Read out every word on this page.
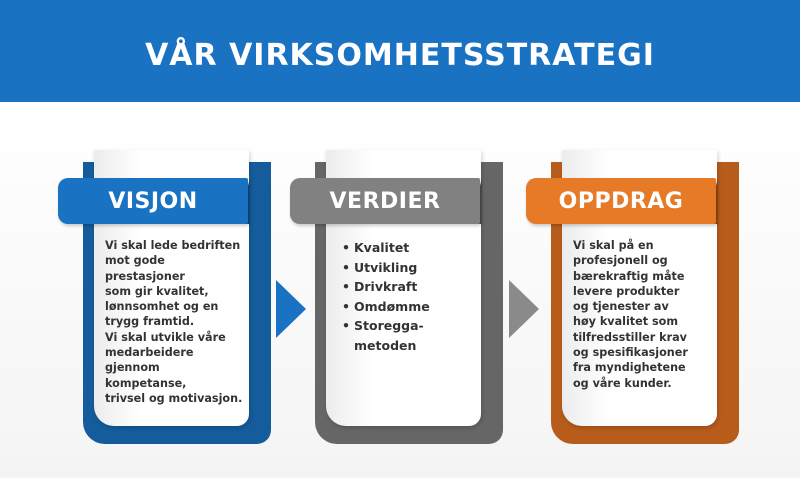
VÅR VIRKSOMHETSSTRATEGI
VISJON
Vi skal lede bedriften
mot gode prestasjoner
som gir kvalitet,
lønnsomhet og en
trygg framtid.
Vi skal utvikle våre
medarbeidere
gjennom kompetanse,
trivsel og motivasjon.
VERDIER
• Kvalitet
• Utvikling
• Drivkraft
• Omdømme
• Storegga-
metoden
OPPDRAG
Vi skal på en
profesjonell og
bærekraftig måte
levere produkter
og tjenester av
høy kvalitet som
tilfredsstiller krav
og spesifikasjoner
fra myndighetene
og våre kunder.
